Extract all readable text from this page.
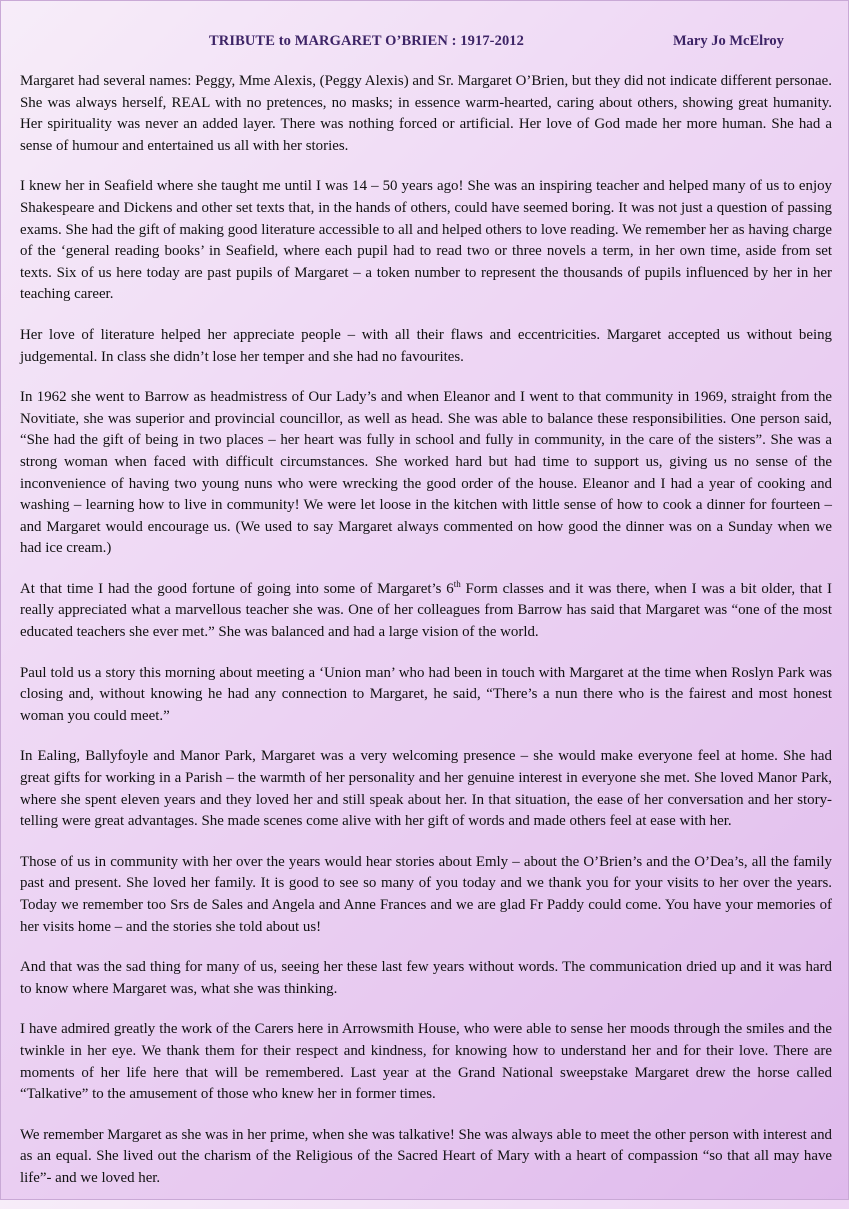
TRIBUTE to MARGARET O’BRIEN : 1917-2012	Mary Jo McElroy

Margaret had several names: Peggy, Mme Alexis, (Peggy Alexis) and Sr. Margaret O’Brien, but they did not indicate different personae. She was always herself, REAL with no pretences, no masks; in essence warm-hearted, caring about others, showing great humanity. Her spirituality was never an added layer. There was nothing forced or artificial. Her love of God made her more human. She had a sense of humour and entertained us all with her stories.

I knew her in Seafield where she taught me until I was 14 – 50 years ago! She was an inspiring teacher and helped many of us to enjoy Shakespeare and Dickens and other set texts that, in the hands of others, could have seemed boring. It was not just a question of passing exams. She had the gift of making good literature accessible to all and helped others to love reading. We remember her as having charge of the ‘general reading books’ in Seafield, where each pupil had to read two or three novels a term, in her own time, aside from set texts. Six of us here today are past pupils of Margaret – a token number to represent the thousands of pupils influenced by her in her teaching career.

Her love of literature helped her appreciate people – with all their flaws and eccentricities. Margaret accepted us without being judgemental. In class she didn’t lose her temper and she had no favourites.

In 1962 she went to Barrow as headmistress of Our Lady’s and when Eleanor and I went to that community in 1969, straight from the Novitiate, she was superior and provincial councillor, as well as head. She was able to balance these responsibilities. One person said, “She had the gift of being in two places – her heart was fully in school and fully in community, in the care of the sisters”. She was a strong woman when faced with difficult circumstances. She worked hard but had time to support us, giving us no sense of the inconvenience of having two young nuns who were wrecking the good order of the house. Eleanor and I had a year of cooking and washing – learning how to live in community! We were let loose in the kitchen with little sense of how to cook a dinner for fourteen – and Margaret would encourage us. (We used to say Margaret always commented on how good the dinner was on a Sunday when we had ice cream.)

At that time I had the good fortune of going into some of Margaret’s 6th Form classes and it was there, when I was a bit older, that I really appreciated what a marvellous teacher she was. One of her colleagues from Barrow has said that Margaret was “one of the most educated teachers she ever met.” She was balanced and had a large vision of the world.

Paul told us a story this morning about meeting a ‘Union man’ who had been in touch with Margaret at the time when Roslyn Park was closing and, without knowing he had any connection to Margaret, he said, “There’s a nun there who is the fairest and most honest woman you could meet.”

In Ealing, Ballyfoyle and Manor Park, Margaret was a very welcoming presence – she would make everyone feel at home. She had great gifts for working in a Parish – the warmth of her personality and her genuine interest in everyone she met. She loved Manor Park, where she spent eleven years and they loved her and still speak about her. In that situation, the ease of her conversation and her story-telling were great advantages. She made scenes come alive with her gift of words and made others feel at ease with her.

Those of us in community with her over the years would hear stories about Emly – about the O’Brien’s and the O’Dea’s, all the family past and present. She loved her family. It is good to see so many of you today and we thank you for your visits to her over the years. Today we remember too Srs de Sales and Angela and Anne Frances and we are glad Fr Paddy could come. You have your memories of her visits home – and the stories she told about us!

And that was the sad thing for many of us, seeing her these last few years without words. The communication dried up and it was hard to know where Margaret was, what she was thinking.

I have admired greatly the work of the Carers here in Arrowsmith House, who were able to sense her moods through the smiles and the twinkle in her eye. We thank them for their respect and kindness, for knowing how to understand her and for their love. There are moments of her life here that will be remembered. Last year at the Grand National sweepstake Margaret drew the horse called “Talkative” to the amusement of those who knew her in former times.

We remember Margaret as she was in her prime, when she was talkative! She was always able to meet the other person with interest and as an equal. She lived out the charism of the Religious of the Sacred Heart of Mary with a heart of compassion “so that all may have life”- and we loved her.
